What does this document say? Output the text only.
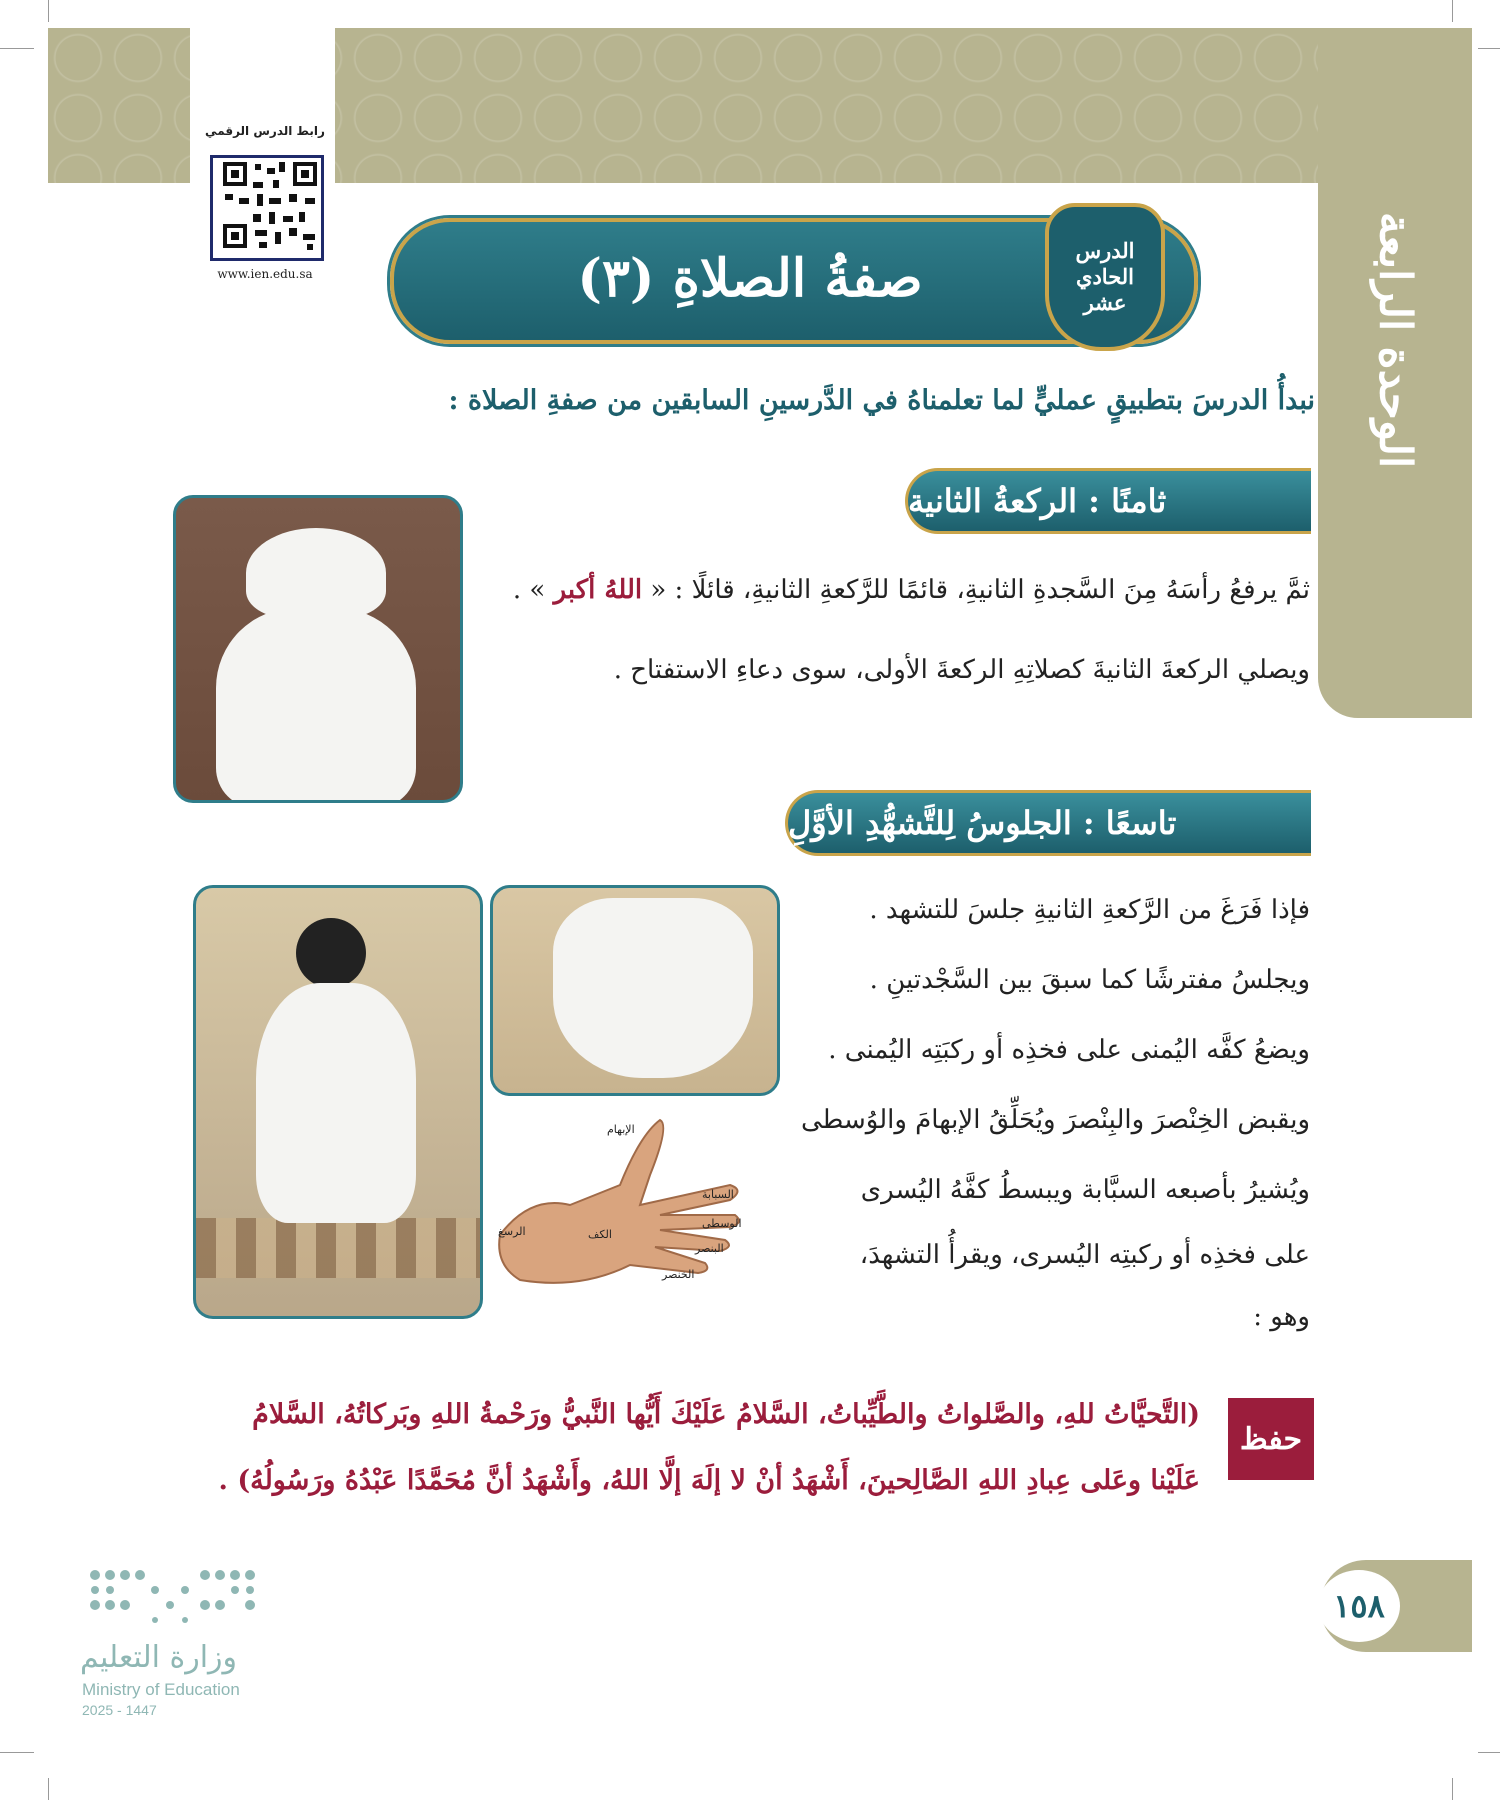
الوحدة الرابعة
رابط الدرس الرقمي
www.ien.edu.sa	صفةُ الصلاةِ (٣)	الدرس
الحادي
عشر
نبدأُ الدرسَ بتطبيقٍ عمليٍّ لما تعلمناهُ في الدَّرسينِ السابقين من صفةِ الصلاة :
ثامنًا : الركعةُ الثانية
ثمَّ يرفعُ رأسَهُ مِنَ السَّجدةِ الثانيةِ، قائمًا للرَّكعةِ الثانيةِ، قائلًا : « اللهُ أكبر » .
ويصلي الركعةَ الثانيةَ كصلاتِهِ الركعةَ الأولى، سوى دعاءِ الاستفتاح .
تاسعًا : الجلوسُ لِلتَّشهُّدِ الأوَّلِ
الإبهام
السبابة
الوسطى
البنصر
الخنصر
الكف
الرسغ
فإذا فَرَغَ من الرَّكعةِ الثانيةِ جلسَ للتشهد .
ويجلسُ مفترشًا كما سبقَ بين السَّجْدتينِ .
ويضعُ كفَّه اليُمنى على فخذِه أو ركبَتِه اليُمنى .
ويقبض الخِنْصرَ والبِنْصرَ ويُحَلِّقُ الإبهامَ والوُسطى
ويُشيرُ بأصبعه السبَّابة ويبسطُ كفَّهُ اليُسرى
على فخذِه أو ركبتِه اليُسرى، ويقرأُ التشهدَ،
وهو :
حفظ
(التَّحيَّاتُ للهِ، والصَّلواتُ والطَّيِّباتُ، السَّلامُ عَلَيْكَ أَيُّها النَّبيُّ ورَحْمةُ اللهِ وبَركاتُهُ، السَّلامُ
عَلَيْنا وعَلى عِبادِ اللهِ الصَّالِحينَ، أَشْهَدُ أنْ لا إلَهَ إلَّا اللهُ، وأَشْهَدُ أنَّ مُحَمَّدًا عَبْدُهُ ورَسُولُهُ) .
١٥٨
وزارة التعليم
Ministry of Education
2025 - 1447
